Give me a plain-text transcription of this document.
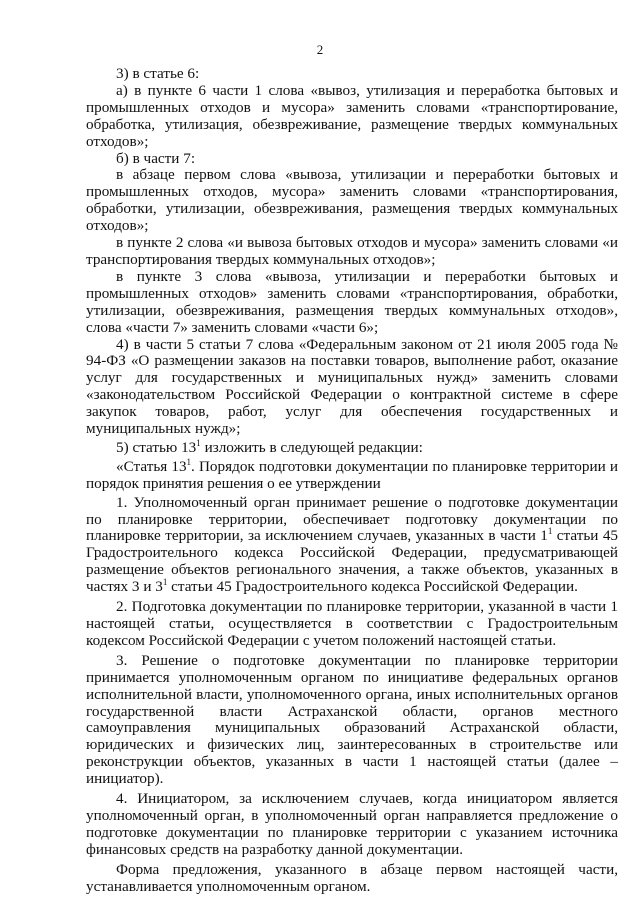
2

3) в статье 6:

а) в пункте 6 части 1 слова «вывоз, утилизация и переработка бытовых и промышленных отходов и мусора» заменить словами «транспортирование, обработка, утилизация, обезвреживание, размещение твердых коммунальных отходов»;

б) в части 7:

в абзаце первом слова «вывоза, утилизации и переработки бытовых и промышленных отходов, мусора» заменить словами «транспортирования, обработки, утилизации, обезвреживания, размещения твердых коммунальных отходов»;

в пункте 2 слова «и вывоза бытовых отходов и мусора» заменить словами «и транспортирования твердых коммунальных отходов»;

в пункте 3 слова «вывоза, утилизации и переработки бытовых и промышленных отходов» заменить словами «транспортирования, обработки, утилизации, обезвреживания, размещения твердых коммунальных отходов», слова «части 7» заменить словами «части 6»;

4) в части 5 статьи 7 слова «Федеральным законом от 21 июля 2005 года № 94-ФЗ «О размещении заказов на поставки товаров, выполнение работ, оказание услуг для государственных и муниципальных нужд» заменить словами «законодательством Российской Федерации о контрактной системе в сфере закупок товаров, работ, услуг для обеспечения государственных и муниципальных нужд»;

5) статью $13^1$ изложить в следующей редакции:

«Статья $13^1$. Порядок подготовки документации по планировке территории и порядок принятия решения о ее утверждении

1. Уполномоченный орган принимает решение о подготовке документации по планировке территории, обеспечивает подготовку документации по планировке территории, за исключением случаев, указанных в части $1^1$ статьи 45 Градостроительного кодекса Российской Федерации, предусматривающей размещение объектов регионального значения, а также объектов, указанных в частях 3 и $3^1$ статьи 45 Градостроительного кодекса Российской Федерации.

2. Подготовка документации по планировке территории, указанной в части 1 настоящей статьи, осуществляется в соответствии с Градостроительным кодексом Российской Федерации с учетом положений настоящей статьи.

3. Решение о подготовке документации по планировке территории принимается уполномоченным органом по инициативе федеральных органов исполнительной власти, уполномоченного органа, иных исполнительных органов государственной власти Астраханской области, органов местного самоуправления муниципальных образований Астраханской области, юридических и физических лиц, заинтересованных в строительстве или реконструкции объектов, указанных в части 1 настоящей статьи (далее – инициатор).

4. Инициатором, за исключением случаев, когда инициатором является уполномоченный орган, в уполномоченный орган направляется предложение о подготовке документации по планировке территории с указанием источника финансовых средств на разработку данной документации.

Форма предложения, указанного в абзаце первом настоящей части, устанавливается уполномоченным органом.
